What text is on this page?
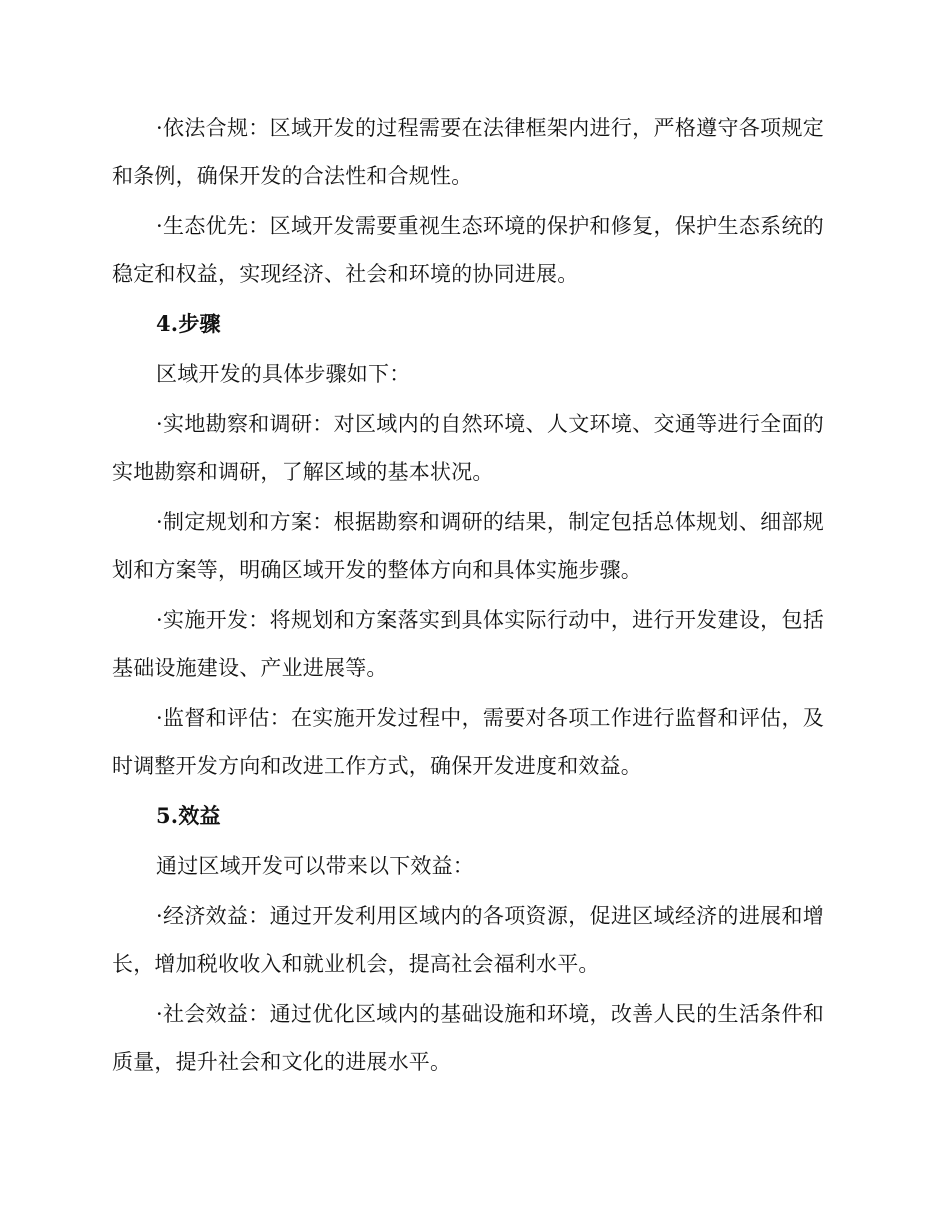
·依法合规：区域开发的过程需要在法律框架内进行，严格遵守各项规定和条例，确保开发的合法性和合规性。

·生态优先：区域开发需要重视生态环境的保护和修复，保护生态系统的稳定和权益，实现经济、社会和环境的协同进展。

4.步骤

区域开发的具体步骤如下：

·实地勘察和调研：对区域内的自然环境、人文环境、交通等进行全面的实地勘察和调研，了解区域的基本状况。

·制定规划和方案：根据勘察和调研的结果，制定包括总体规划、细部规划和方案等，明确区域开发的整体方向和具体实施步骤。

·实施开发：将规划和方案落实到具体实际行动中，进行开发建设，包括基础设施建设、产业进展等。

·监督和评估：在实施开发过程中，需要对各项工作进行监督和评估，及时调整开发方向和改进工作方式，确保开发进度和效益。

5.效益

通过区域开发可以带来以下效益：

·经济效益：通过开发利用区域内的各项资源，促进区域经济的进展和增长，增加税收收入和就业机会，提高社会福利水平。

·社会效益：通过优化区域内的基础设施和环境，改善人民的生活条件和质量，提升社会和文化的进展水平。
